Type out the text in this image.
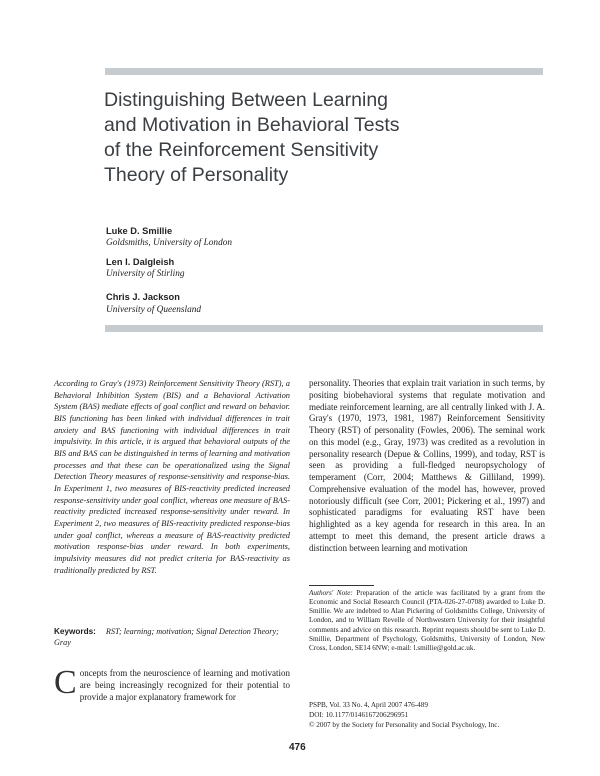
Distinguishing Between Learning
and Motivation in Behavioral Tests
of the Reinforcement Sensitivity
Theory of Personality
Luke D. Smillie
Goldsmiths, University of London
Len I. Dalgleish
University of Stirling
Chris J. Jackson
University of Queensland

According to Gray's (1973) Reinforcement Sensitivity Theory (RST), a Behavioral Inhibition System (BIS) and a Behavioral Activation System (BAS) mediate effects of goal conflict and reward on behavior. BIS functioning has been linked with individual differences in trait anxiety and BAS functioning with individual differences in trait impulsivity. In this article, it is argued that behavioral outputs of the BIS and BAS can be distinguished in terms of learning and motivation processes and that these can be operationalized using the Signal Detection Theory measures of response-sensitivity and response-bias. In Experiment 1, two measures of BIS-reactivity predicted increased response-sensitivity under goal conflict, whereas one measure of BAS-reactivity predicted increased response-sensitivity under reward. In Experiment 2, two measures of BIS-reactivity predicted response-bias under goal conflict, whereas a measure of BAS-reactivity predicted motivation response-bias under reward. In both experiments, impulsivity measures did not predict criteria for BAS-reactivity as traditionally predicted by RST.

Keywords: RST; learning; motivation; Signal Detection Theory; Gray

Concepts from the neuroscience of learning and motivation are being increasingly recognized for their potential to provide a major explanatory framework for

personality. Theories that explain trait variation in such terms, by positing biobehavioral systems that regulate motivation and mediate reinforcement learning, are all centrally linked with J. A. Gray's (1970, 1973, 1981, 1987) Reinforcement Sensitivity Theory (RST) of personality (Fowles, 2006). The seminal work on this model (e.g., Gray, 1973) was credited as a revolution in personality research (Depue & Collins, 1999), and today, RST is seen as providing a full-fledged neuropsychology of temperament (Corr, 2004; Matthews & Gilliland, 1999). Comprehensive evaluation of the model has, however, proved notoriously difficult (see Corr, 2001; Pickering et al., 1997) and sophisticated paradigms for evaluating RST have been highlighted as a key agenda for research in this area. In an attempt to meet this demand, the present article draws a distinction between learning and motivation

Authors' Note: Preparation of the article was facilitated by a grant from the Economic and Social Research Council (PTA-026-27-0708) awarded to Luke D. Smillie. We are indebted to Alan Pickering of Goldsmiths College, University of London, and to William Revelle of Northwestern University for their insightful comments and advice on this research. Reprint requests should be sent to Luke D. Smillie, Department of Psychology, Goldsmiths, University of London, New Cross, London, SE14 6NW; e-mail: l.smillie@gold.ac.uk.

PSPB, Vol. 33 No. 4, April 2007 476-489
DOI: 10.1177/0146167206296951
© 2007 by the Society for Personality and Social Psychology, Inc.
476
